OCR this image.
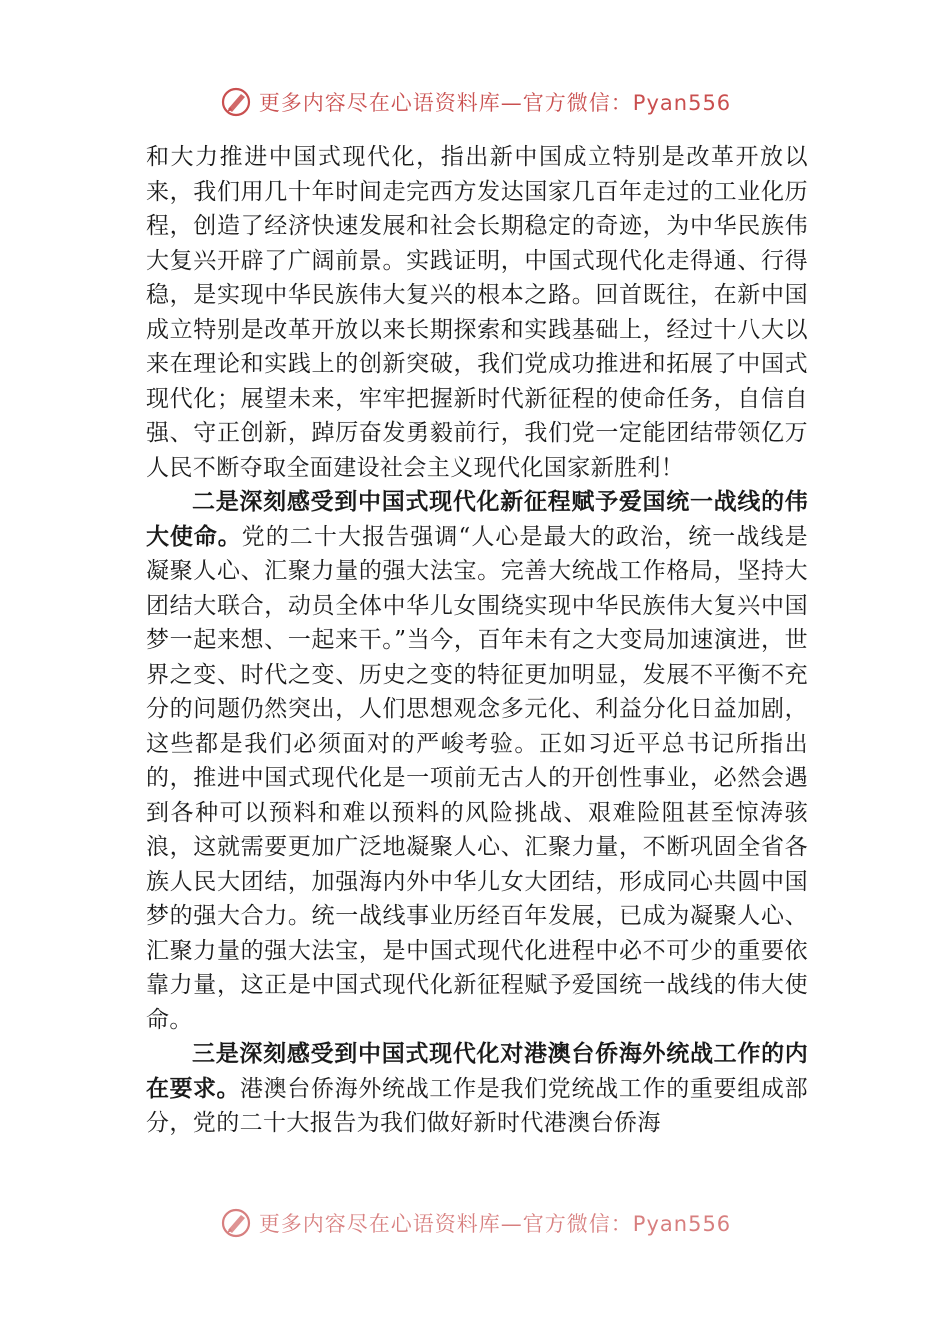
更多内容尽在心语资料库—官方微信：Pyan556

和大力推进中国式现代化，指出新中国成立特别是改革开放以来，我们用几十年时间走完西方发达国家几百年走过的工业化历程，创造了经济快速发展和社会长期稳定的奇迹，为中华民族伟大复兴开辟了广阔前景。实践证明，中国式现代化走得通、行得稳，是实现中华民族伟大复兴的根本之路。回首既往，在新中国成立特别是改革开放以来长期探索和实践基础上，经过十八大以来在理论和实践上的创新突破，我们党成功推进和拓展了中国式现代化；展望未来，牢牢把握新时代新征程的使命任务，自信自强、守正创新，踔厉奋发勇毅前行，我们党一定能团结带领亿万人民不断夺取全面建设社会主义现代化国家新胜利！

二是深刻感受到中国式现代化新征程赋予爱国统一战线的伟大使命。党的二十大报告强调“人心是最大的政治，统一战线是凝聚人心、汇聚力量的强大法宝。完善大统战工作格局，坚持大团结大联合，动员全体中华儿女围绕实现中华民族伟大复兴中国梦一起来想、一起来干。”当今，百年未有之大变局加速演进，世界之变、时代之变、历史之变的特征更加明显，发展不平衡不充分的问题仍然突出，人们思想观念多元化、利益分化日益加剧，这些都是我们必须面对的严峻考验。正如习近平总书记所指出的，推进中国式现代化是一项前无古人的开创性事业，必然会遇到各种可以预料和难以预料的风险挑战、艰难险阻甚至惊涛骇浪，这就需要更加广泛地凝聚人心、汇聚力量，不断巩固全省各族人民大团结，加强海内外中华儿女大团结，形成同心共圆中国梦的强大合力。统一战线事业历经百年发展，已成为凝聚人心、汇聚力量的强大法宝，是中国式现代化进程中必不可少的重要依靠力量，这正是中国式现代化新征程赋予爱国统一战线的伟大使命。

三是深刻感受到中国式现代化对港澳台侨海外统战工作的内在要求。港澳台侨海外统战工作是我们党统战工作的重要组成部分，党的二十大报告为我们做好新时代港澳台侨海

更多内容尽在心语资料库—官方微信：Pyan556
